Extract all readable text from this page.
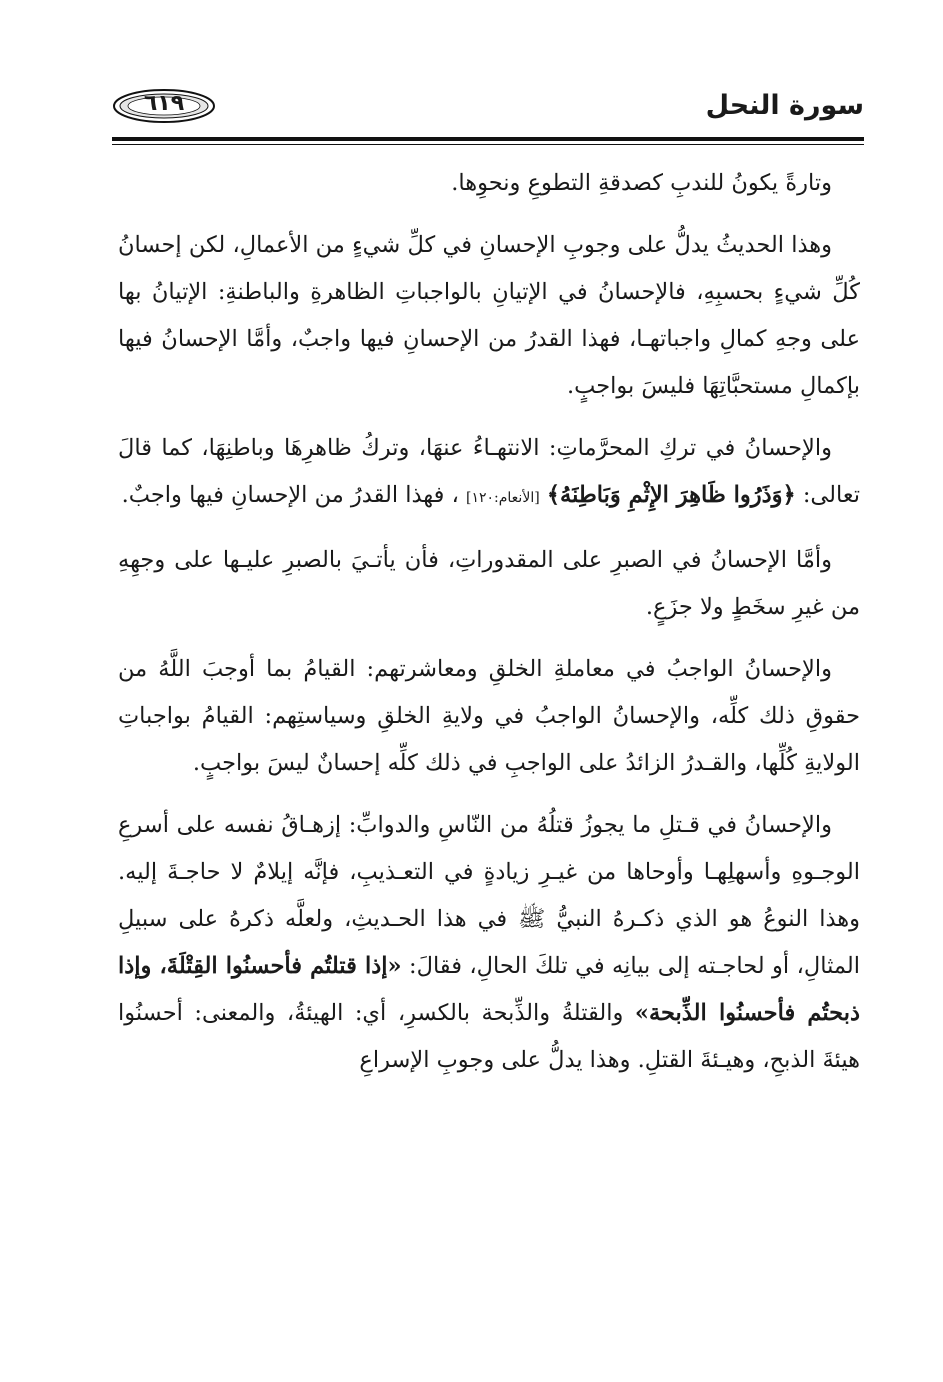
٦١٩	سورة النحل

وتارةً يكونُ للندبِ كصدقةِ التطوعِ ونحوِها.

وهذا الحديثُ يدلُّ على وجوبِ الإحسانِ في كلِّ شيءٍ من الأعمالِ، لكن إحسانُ كُلِّ شيءٍ بحسبِهِ، فالإحسانُ في الإتيانِ بالواجباتِ الظاهرةِ والباطنةِ: الإتيانُ بها على وجهِ كمالِ واجباتهـا، فهذا القدرُ من الإحسانِ فيها واجبٌ، وأمَّا الإحسانُ فيها بإكمالِ مستحبَّاتِهَا فليسَ بواجبٍ.

والإحسانُ في تركِ المحرَّماتِ: الانتهـاءُ عنهَا، وتركُ ظاهرِهَا وباطنِهَا، كما قالَ تعالى: ﴿وَذَرُوا ظَاهِرَ الإِثْمِ وَبَاطِنَهُ﴾ [الأنعام:١٢٠] ، فهذا القدرُ من الإحسانِ فيها واجبٌ.

وأمَّا الإحسانُ في الصبرِ على المقدوراتِ، فأن يأتـيَ بالصبرِ عليـها على وجهِهِ من غيرِ سخَطٍ ولا جزَعٍ.

والإحسانُ الواجبُ في معاملةِ الخلقِ ومعاشرتهم: القيامُ بما أوجبَ اللَّهُ من حقوقِ ذلك كلِّه، والإحسانُ الواجبُ في ولايةِ الخلقِ وسياستِهم: القيامُ بواجباتِ الولايةِ كُلِّها، والقـدرُ الزائدُ على الواجبِ في ذلك كلِّه إحسانٌ ليسَ بواجبٍ.

والإحسانُ في قـتلِ ما يجوزُ قتلُهُ من النّاسِ والدوابِّ: إزهـاقُ نفسه على أسرعِ الوجـوهِ وأسهلِهـا وأوحاها من غيـرِ زيادةٍ في التعـذيبِ، فإنَّه إيلامٌ لا حاجـةَ إليه. وهذا النوعُ هو الذي ذكـرهُ النبيُّ ﷺ في هذا الحـديثِ، ولعلَّه ذكرهُ على سبيلِ المثالِ، أو لحاجـته إلى بيانِه في تلكَ الحالِ، فقالَ: «إذا قتلتُم فأحسنُوا القِتْلَةَ، وإذا ذبحتُم فأحسنُوا الذِّبحة» والقتلةُ والذِّبحة بالكسرِ، أي: الهيئةُ، والمعنى: أحسنُوا هيئةَ الذبحِ، وهيـئةَ القتلِ. وهذا يدلُّ على وجوبِ الإسراعِ
